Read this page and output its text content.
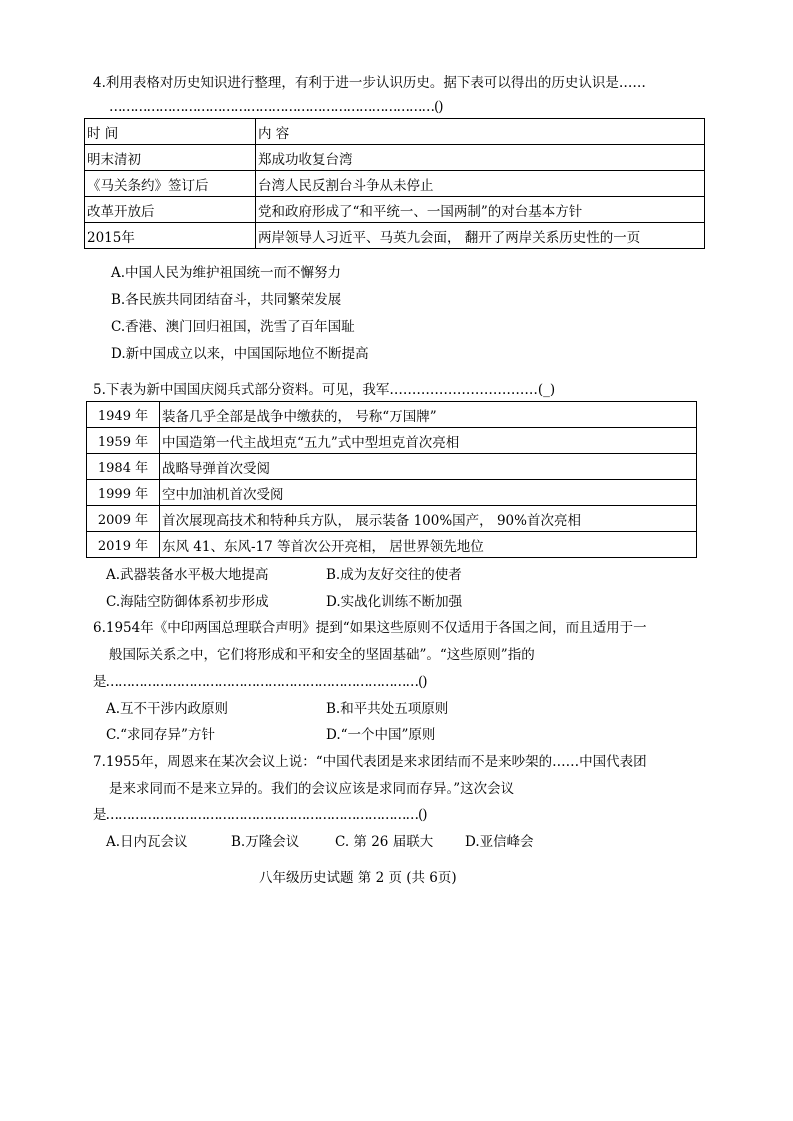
4.利用表格对历史知识进行整理，有利于进一步认识历史。据下表可以得出的历史认识是……
……………………………………………………………………()
时 间	内 容
明末清初	郑成功收复台湾
《马关条约》签订后	台湾人民反割台斗争从未停止
改革开放后	党和政府形成了“和平统一、一国两制”的对台基本方针
2015年	两岸领导人习近平、马英九会面， 翻开了两岸关系历史性的一页
A.中国人民为维护祖国统一而不懈努力
B.各民族共同团结奋斗，共同繁荣发展
C.香港、澳门回归祖国，洗雪了百年国耻
D.新中国成立以来，中国国际地位不断提高
5.下表为新中国国庆阅兵式部分资料。可见，我军……………………………(_)
1949 年	装备几乎全部是战争中缴获的， 号称“万国牌”
1959 年	中国造第一代主战坦克“五九”式中型坦克首次亮相
1984 年	战略导弹首次受阅
1999 年	空中加油机首次受阅
2009 年	首次展现高技术和特种兵方队， 展示装备 100%国产， 90%首次亮相
2019 年	东风 41、东风-17 等首次公开亮相， 居世界领先地位
A.武器装备水平极大地提高	B.成为友好交往的使者
C.海陆空防御体系初步形成	D.实战化训练不断加强
6.1954年《中印两国总理联合声明》提到“如果这些原则不仅适用于各国之间，而且适用于一
般国际关系之中，它们将形成和平和安全的坚固基础”。“这些原则”指的
是…………………………………………………………………()
A.互不干涉内政原则	B.和平共处五项原则
C.“求同存异”方针	D.“一个中国”原则
7.1955年，周恩来在某次会议上说：“中国代表团是来求团结而不是来吵架的……中国代表团
是来求同而不是来立异的。我们的会议应该是求同而存异。”这次会议
是…………………………………………………………………()
A.日内瓦会议	B.万隆会议	C. 第 26 届联大 D.亚信峰会
八年级历史试题 第 2 页 (共 6页)
